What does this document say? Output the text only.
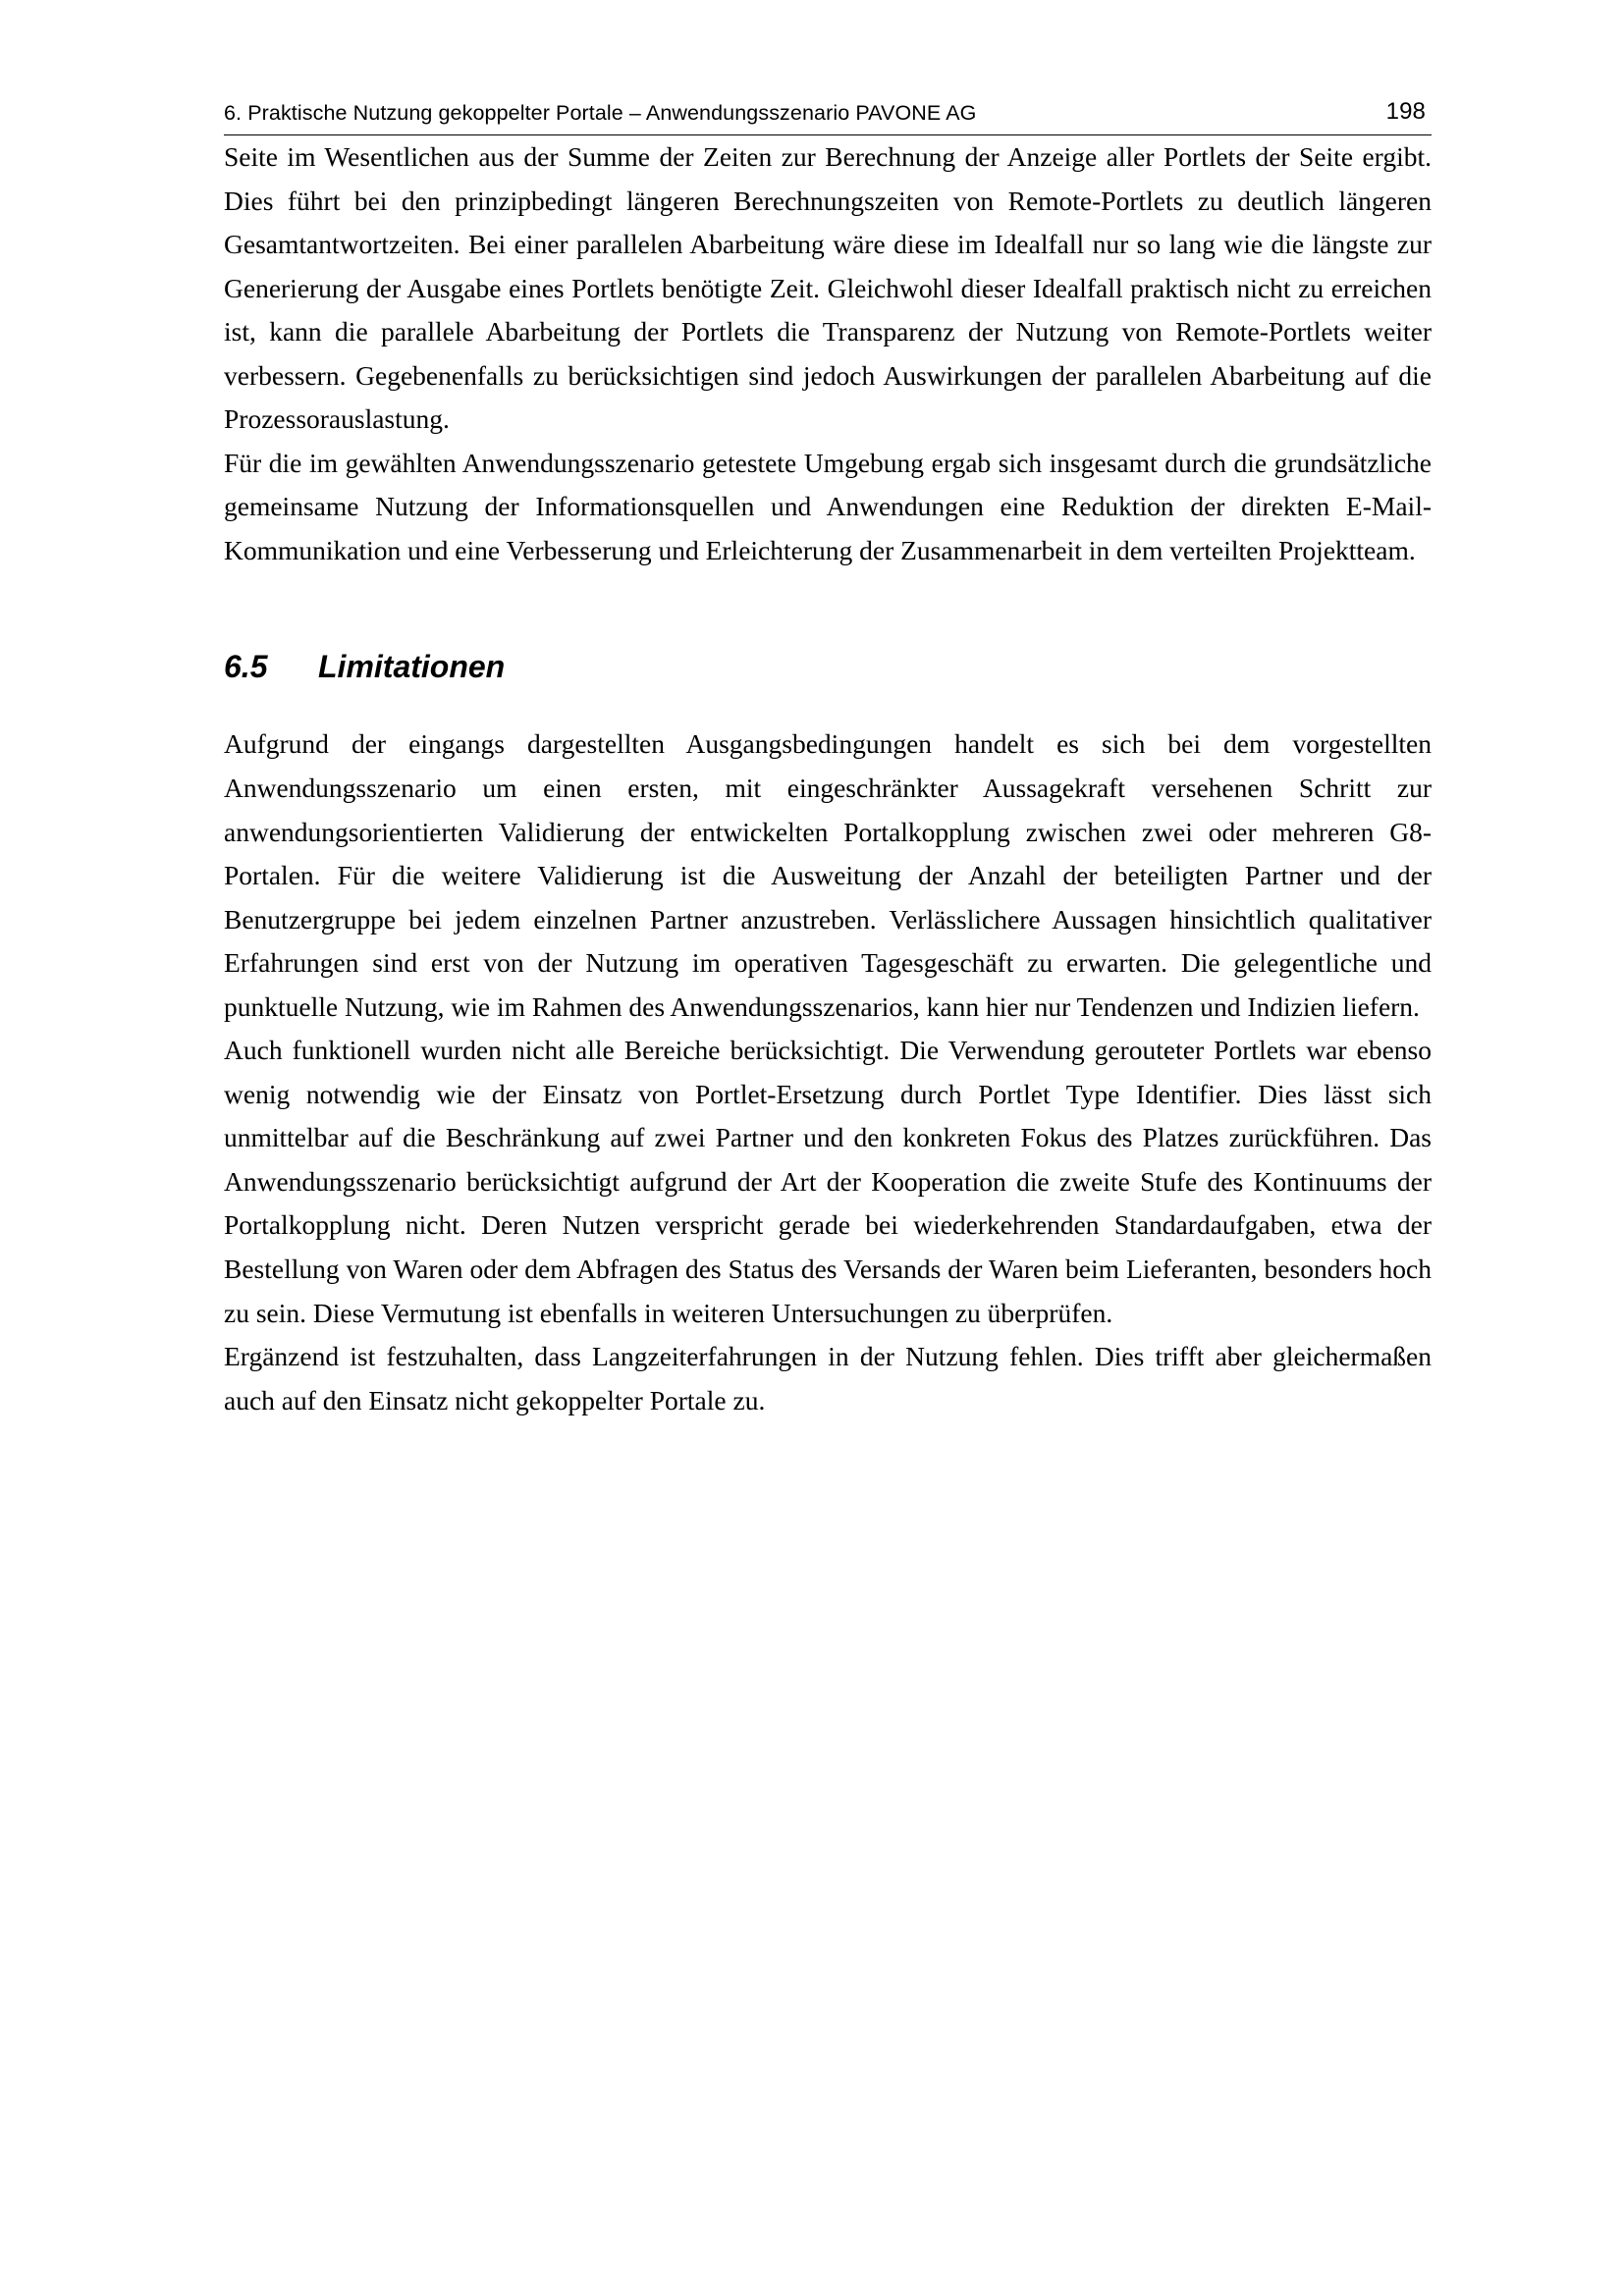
6. Praktische Nutzung gekoppelter Portale – Anwendungsszenario PAVONE AG	198

Seite im Wesentlichen aus der Summe der Zeiten zur Berechnung der Anzeige aller Portlets der Seite ergibt. Dies führt bei den prinzipbedingt längeren Berechnungszeiten von Remote-Portlets zu deutlich längeren Gesamtantwortzeiten. Bei einer parallelen Abarbeitung wäre diese im Idealfall nur so lang wie die längste zur Generierung der Ausgabe eines Portlets benötigte Zeit. Gleichwohl dieser Idealfall praktisch nicht zu erreichen ist, kann die parallele Abarbeitung der Portlets die Transparenz der Nutzung von Remote-Portlets weiter verbessern. Gegebenenfalls zu berücksichtigen sind jedoch Auswirkungen der parallelen Abarbeitung auf die Prozessorauslastung.

Für die im gewählten Anwendungsszenario getestete Umgebung ergab sich insgesamt durch die grundsätzliche gemeinsame Nutzung der Informationsquellen und Anwendungen eine Reduktion der direkten E-Mail-Kommunikation und eine Verbesserung und Erleichterung der Zusammenarbeit in dem verteilten Projektteam.

6.5	Limitationen

Aufgrund der eingangs dargestellten Ausgangsbedingungen handelt es sich bei dem vorgestellten Anwendungsszenario um einen ersten, mit eingeschränkter Aussagekraft versehenen Schritt zur anwendungsorientierten Validierung der entwickelten Portalkopplung zwischen zwei oder mehreren G8-Portalen. Für die weitere Validierung ist die Ausweitung der Anzahl der beteiligten Partner und der Benutzergruppe bei jedem einzelnen Partner anzustreben. Verlässlichere Aussagen hinsichtlich qualitativer Erfahrungen sind erst von der Nutzung im operativen Tagesgeschäft zu erwarten. Die gelegentliche und punktuelle Nutzung, wie im Rahmen des Anwendungsszenarios, kann hier nur Tendenzen und Indizien liefern.

Auch funktionell wurden nicht alle Bereiche berücksichtigt. Die Verwendung gerouteter Portlets war ebenso wenig notwendig wie der Einsatz von Portlet-Ersetzung durch Portlet Type Identifier. Dies lässt sich unmittelbar auf die Beschränkung auf zwei Partner und den konkreten Fokus des Platzes zurückführen. Das Anwendungsszenario berücksichtigt aufgrund der Art der Kooperation die zweite Stufe des Kontinuums der Portalkopplung nicht. Deren Nutzen verspricht gerade bei wiederkehrenden Standardaufgaben, etwa der Bestellung von Waren oder dem Abfragen des Status des Versands der Waren beim Lieferanten, besonders hoch zu sein. Diese Vermutung ist ebenfalls in weiteren Untersuchungen zu überprüfen.

Ergänzend ist festzuhalten, dass Langzeiterfahrungen in der Nutzung fehlen. Dies trifft aber gleichermaßen auch auf den Einsatz nicht gekoppelter Portale zu.
